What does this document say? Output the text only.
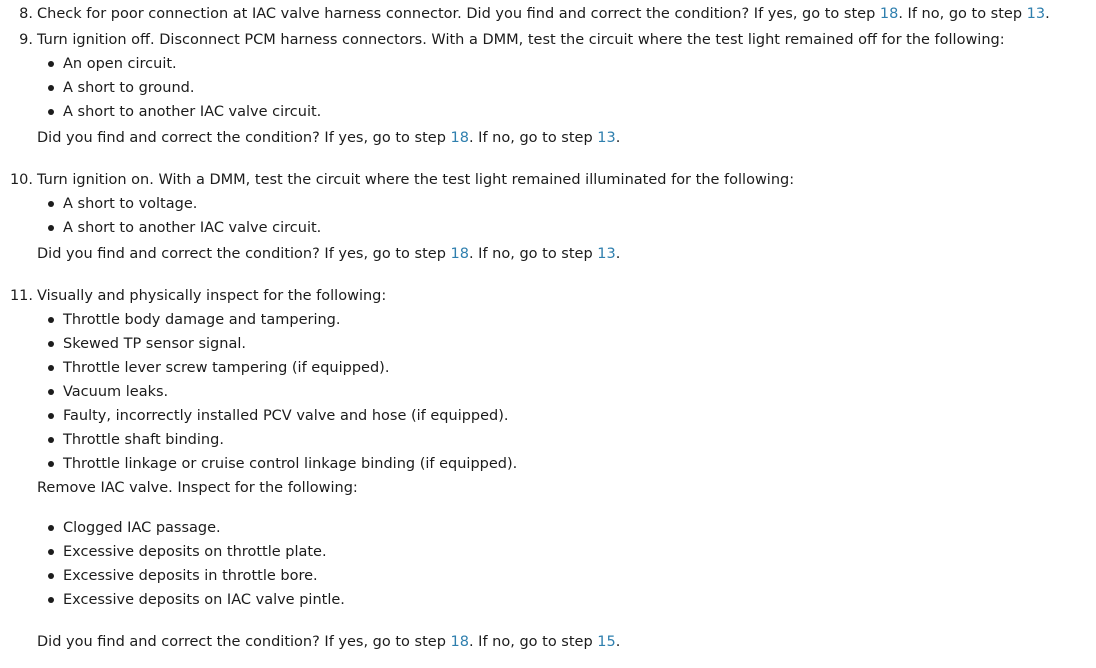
8. Check for poor connection at IAC valve harness connector. Did you find and correct the condition? If yes, go to step 18. If no, go to step 13.
9. Turn ignition off. Disconnect PCM harness connectors. With a DMM, test the circuit where the test light remained off for the following:
An open circuit.
A short to ground.
A short to another IAC valve circuit.
Did you find and correct the condition? If yes, go to step 18. If no, go to step 13.
10. Turn ignition on. With a DMM, test the circuit where the test light remained illuminated for the following:
A short to voltage.
A short to another IAC valve circuit.
Did you find and correct the condition? If yes, go to step 18. If no, go to step 13.
11. Visually and physically inspect for the following:
Throttle body damage and tampering.
Skewed TP sensor signal.
Throttle lever screw tampering (if equipped).
Vacuum leaks.
Faulty, incorrectly installed PCV valve and hose (if equipped).
Throttle shaft binding.
Throttle linkage or cruise control linkage binding (if equipped).
Remove IAC valve. Inspect for the following:
Clogged IAC passage.
Excessive deposits on throttle plate.
Excessive deposits in throttle bore.
Excessive deposits on IAC valve pintle.
Did you find and correct the condition? If yes, go to step 18. If no, go to step 15.
